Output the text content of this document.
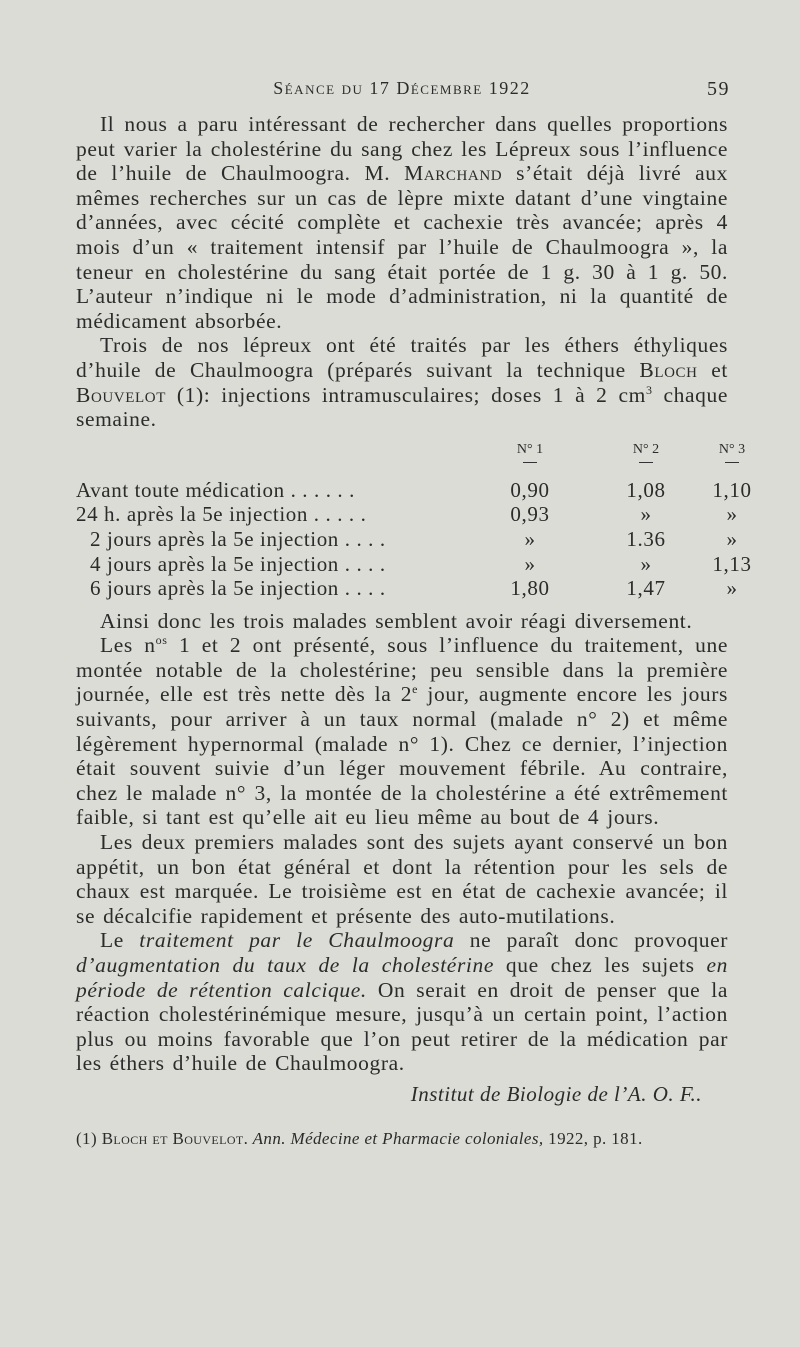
Séance du 17 Décembre 1922	59

Il nous a paru intéressant de rechercher dans quelles proportions peut varier la cholestérine du sang chez les Lépreux sous l’influence de l’huile de Chaulmoogra. M. Marchand s’était déjà livré aux mêmes recherches sur un cas de lèpre mixte datant d’une vingtaine d’années, avec cécité complète et cachexie très avancée; après 4 mois d’un « traitement intensif par l’huile de Chaulmoogra », la teneur en cholestérine du sang était portée de 1 g. 30 à 1 g. 50. L’auteur n’indique ni le mode d’administration, ni la quantité de médicament absorbée.

Trois de nos lépreux ont été traités par les éthers éthyliques d’huile de Chaulmoogra (préparés suivant la technique Bloch et Bouvelot (1): injections intramusculaires; doses 1 à 2 $cm^3$ chaque semaine.

N° 1	N° 2	N° 3
Avant toute médication . . . . . .	0,90	1,08	1,10
24 h. après la 5e injection . . . . .	0,93	»	»
2 jours après la 5e injection . . . .	»	1.36	»
4 jours après la 5e injection . . . .	»	»	1,13
6 jours après la 5e injection . . . .	1,80	1,47	»

Ainsi donc les trois malades semblent avoir réagi diversement.

Les $n^{os}$ 1 et 2 ont présenté, sous l’influence du traitement, une montée notable de la cholestérine; peu sensible dans la première journée, elle est très nette dès la 2e jour, augmente encore les jours suivants, pour arriver à un taux normal (malade n° 2) et même légèrement hypernormal (malade n° 1). Chez ce dernier, l’injection était souvent suivie d’un léger mouvement fébrile. Au contraire, chez le malade n° 3, la montée de la cholestérine a été extrêmement faible, si tant est qu’elle ait eu lieu même au bout de 4 jours.

Les deux premiers malades sont des sujets ayant conservé un bon appétit, un bon état général et dont la rétention pour les sels de chaux est marquée. Le troisième est en état de cachexie avancée; il se décalcifie rapidement et présente des auto-mutilations.

Le traitement par le Chaulmoogra ne paraît donc provoquer d’augmentation du taux de la cholestérine que chez les sujets en période de rétention calcique. On serait en droit de penser que la réaction cholestérinémique mesure, jusqu’à un certain point, l’action plus ou moins favorable que l’on peut retirer de la médication par les éthers d’huile de Chaulmoogra.

Institut de Biologie de l’A. O. F..
(1) Bloch et Bouvelot. Ann. Médecine et Pharmacie coloniales, 1922, p. 181.
